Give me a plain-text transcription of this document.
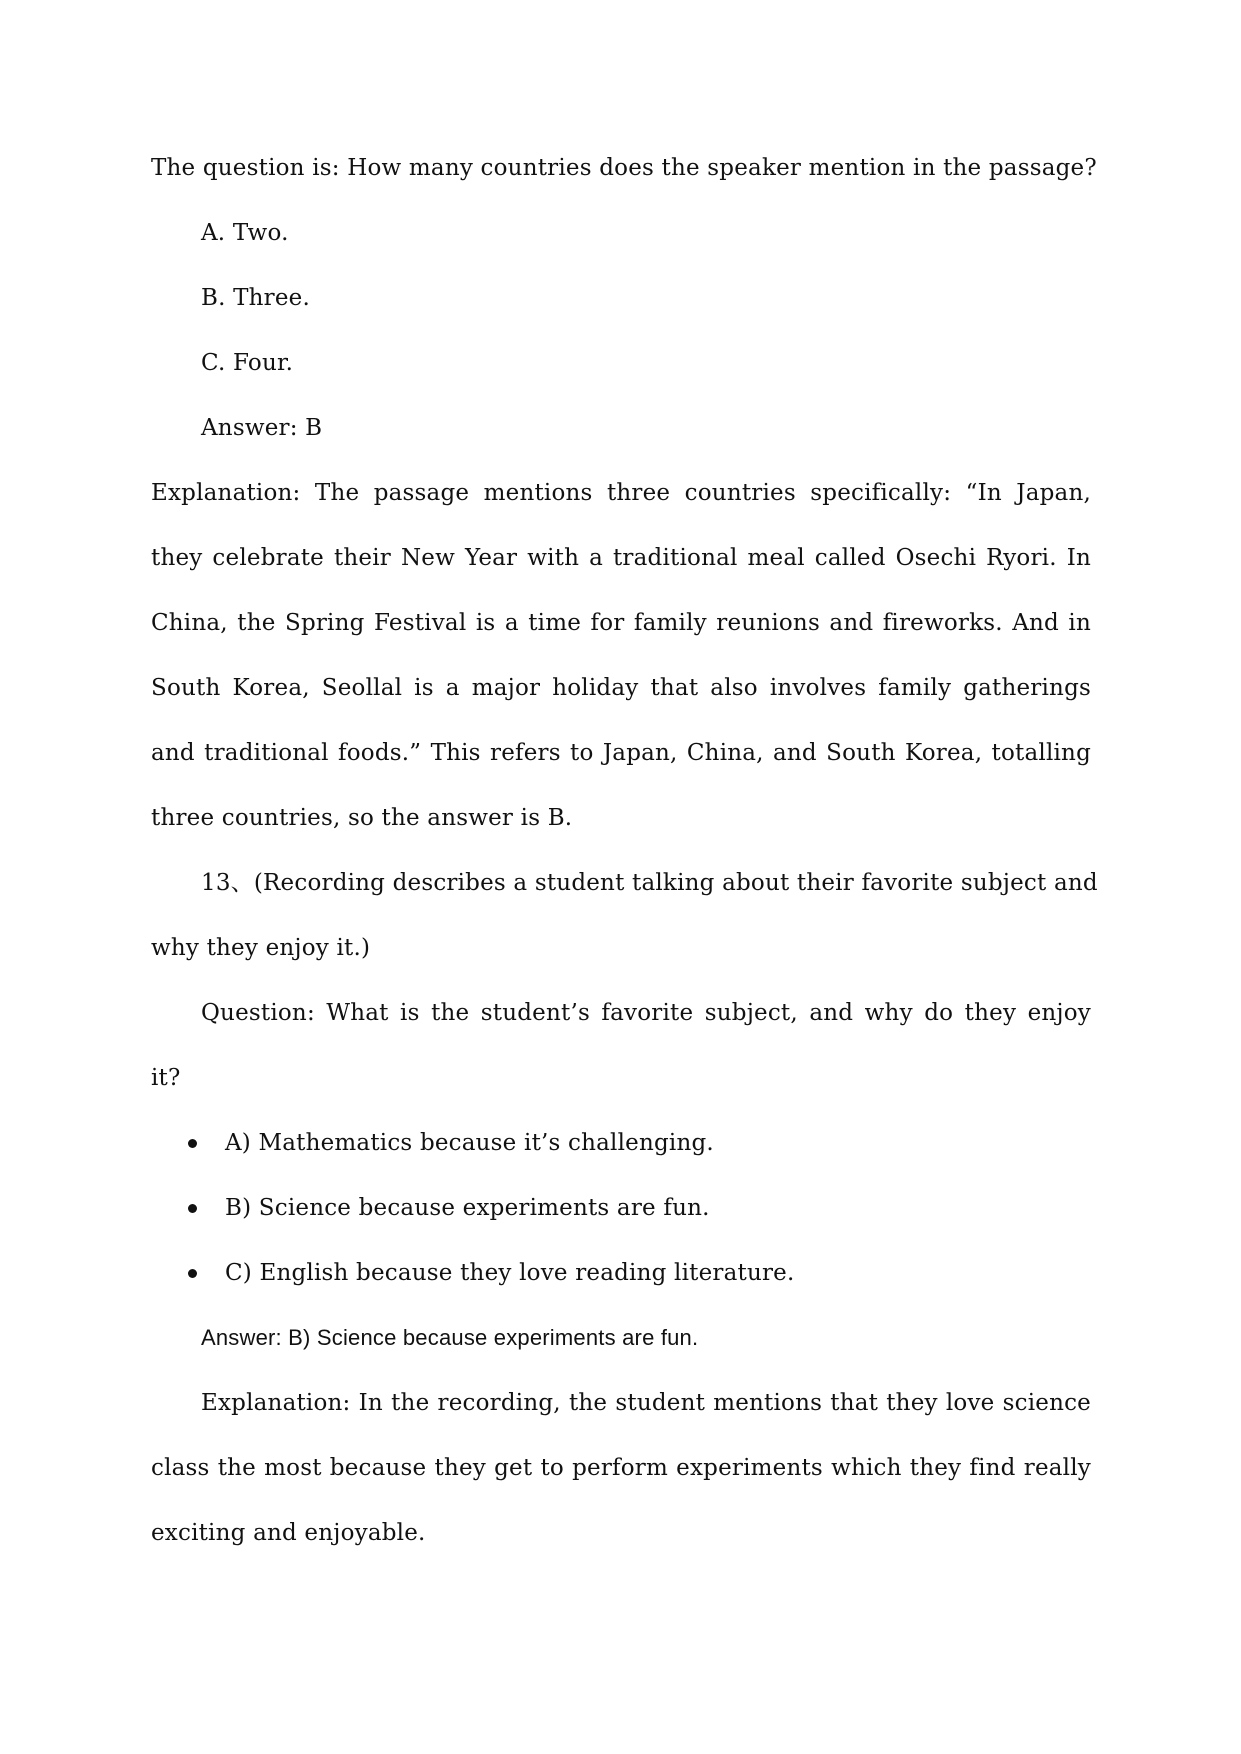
The question is: How many countries does the speaker mention in the passage?
A. Two.
B. Three.
C. Four.
Answer: B
Explanation: The passage mentions three countries specifically: “In Japan,
they celebrate their New Year with a traditional meal called Osechi Ryori. In
China, the Spring Festival is a time for family reunions and fireworks. And in
South Korea, Seollal is a major holiday that also involves family gatherings
and traditional foods.” This refers to Japan, China, and South Korea, totalling
three countries, so the answer is B.
13、(Recording describes a student talking about their favorite subject and
why they enjoy it.)
Question: What is the student’s favorite subject, and why do they enjoy
it?
A) Mathematics because it’s challenging.
B) Science because experiments are fun.
C) English because they love reading literature.
Answer: B) Science because experiments are fun.
Explanation: In the recording, the student mentions that they love science
class the most because they get to perform experiments which they find really
exciting and enjoyable.
